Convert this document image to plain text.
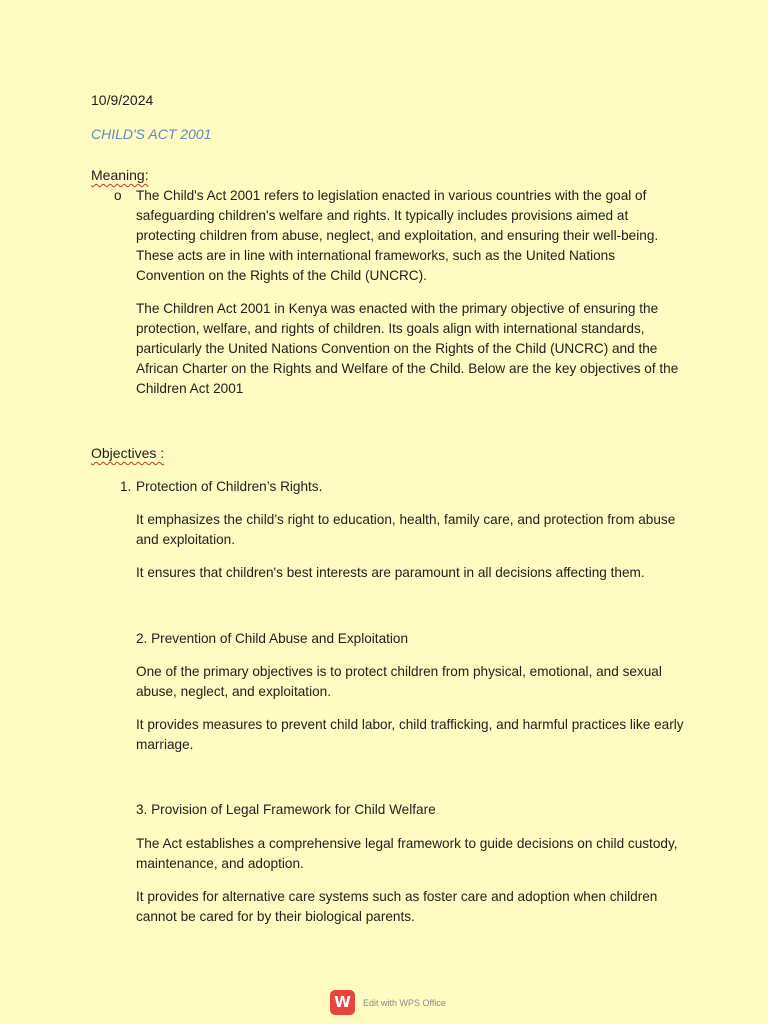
10/9/2024
CHILD'S ACT 2001
Meaning:
o The Child's Act 2001 refers to legislation enacted in various countries with the goal of safeguarding children's welfare and rights. It typically includes provisions aimed at protecting children from abuse, neglect, and exploitation, and ensuring their well-being. These acts are in line with international frameworks, such as the United Nations Convention on the Rights of the Child (UNCRC).
The Children Act 2001 in Kenya was enacted with the primary objective of ensuring the protection, welfare, and rights of children. Its goals align with international standards, particularly the United Nations Convention on the Rights of the Child (UNCRC) and the African Charter on the Rights and Welfare of the Child. Below are the key objectives of the Children Act 2001
Objectives :
1. Protection of Children’s Rights.
It emphasizes the child’s right to education, health, family care, and protection from abuse and exploitation.
It ensures that children's best interests are paramount in all decisions affecting them.
2. Prevention of Child Abuse and Exploitation
One of the primary objectives is to protect children from physical, emotional, and sexual abuse, neglect, and exploitation.
It provides measures to prevent child labor, child trafficking, and harmful practices like early marriage.
3. Provision of Legal Framework for Child Welfare
The Act establishes a comprehensive legal framework to guide decisions on child custody, maintenance, and adoption.
It provides for alternative care systems such as foster care and adoption when children cannot be cared for by their biological parents.
W	Edit with WPS Office
